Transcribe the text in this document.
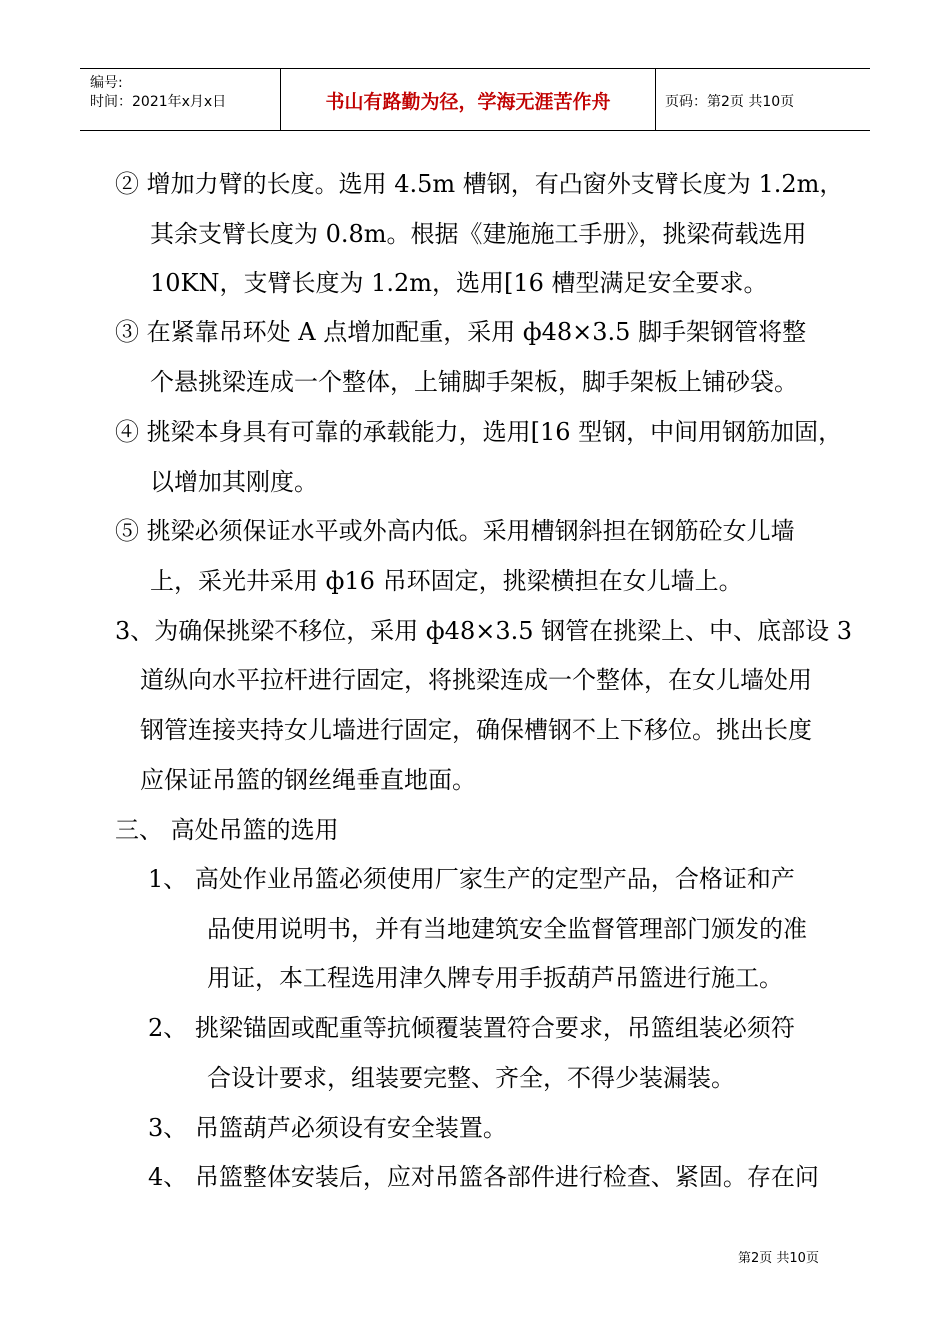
编号:
时间：2021年x月x日	书山有路勤为径，学海无涯苦作舟	页码：第2页 共10页
② 增加力臂的长度。选用 4.5m 槽钢，有凸窗外支臂长度为 1.2m，
其余支臂长度为 0.8m。根据《建施施工手册》，挑梁荷载选用
10KN，支臂长度为 1.2m，选用[16 槽型满足安全要求。
③ 在紧靠吊环处 A 点增加配重，采用 ф48×3.5 脚手架钢管将整
个悬挑梁连成一个整体，上铺脚手架板，脚手架板上铺砂袋。
④ 挑梁本身具有可靠的承载能力，选用[16 型钢，中间用钢筋加固，
以增加其刚度。
⑤ 挑梁必须保证水平或外高内低。采用槽钢斜担在钢筋砼女儿墙
上，采光井采用 ф16 吊环固定，挑梁横担在女儿墙上。
3、为确保挑梁不移位，采用 ф48×3.5 钢管在挑梁上、中、底部设 3
道纵向水平拉杆进行固定，将挑梁连成一个整体，在女儿墙处用
钢管连接夹持女儿墙进行固定，确保槽钢不上下移位。挑出长度
应保证吊篮的钢丝绳垂直地面。
三、 高处吊篮的选用
1、 高处作业吊篮必须使用厂家生产的定型产品，合格证和产
品使用说明书，并有当地建筑安全监督管理部门颁发的准
用证，本工程选用津久牌专用手扳葫芦吊篮进行施工。
2、 挑梁锚固或配重等抗倾覆装置符合要求，吊篮组装必须符
合设计要求，组装要完整、齐全，不得少装漏装。
3、 吊篮葫芦必须设有安全装置。
4、 吊篮整体安装后，应对吊篮各部件进行检查、紧固。存在问
第2页 共10页
